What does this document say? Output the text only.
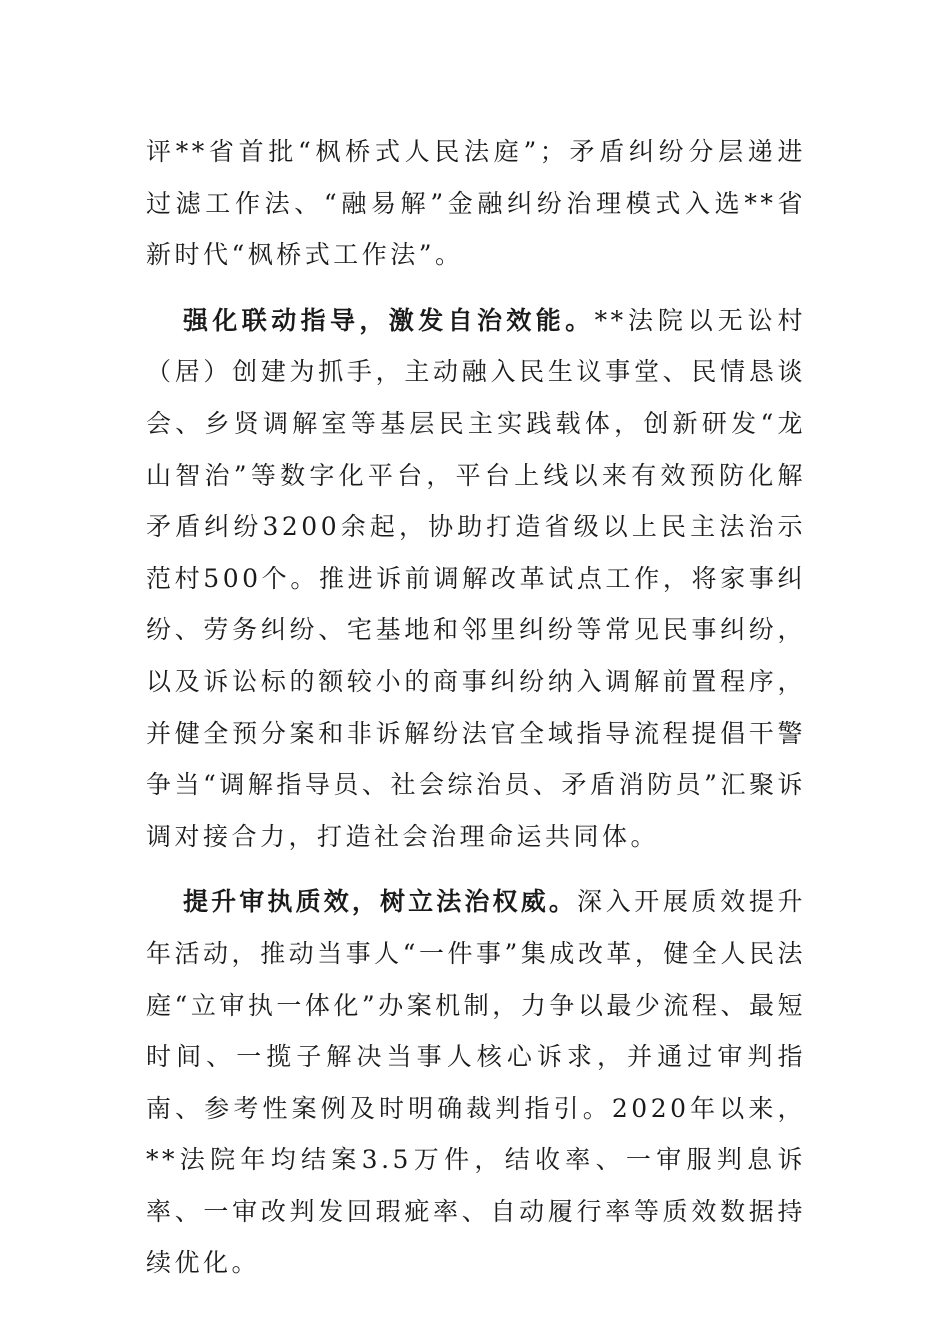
评**省首批“枫桥式人民法庭”；矛盾纠纷分层递进过滤工作法、“融易解”金融纠纷治理模式入选**省新时代“枫桥式工作法”。

强化联动指导，激发自治效能。**法院以无讼村（居）创建为抓手，主动融入民生议事堂、民情恳谈会、乡贤调解室等基层民主实践载体，创新研发“龙山智治”等数字化平台，平台上线以来有效预防化解矛盾纠纷3200余起，协助打造省级以上民主法治示范村500个。推进诉前调解改革试点工作，将家事纠纷、劳务纠纷、宅基地和邻里纠纷等常见民事纠纷，以及诉讼标的额较小的商事纠纷纳入调解前置程序，并健全预分案和非诉解纷法官全域指导流程提倡干警争当“调解指导员、社会综治员、矛盾消防员”汇聚诉调对接合力，打造社会治理命运共同体。

提升审执质效，树立法治权威。深入开展质效提升年活动，推动当事人“一件事”集成改革，健全人民法庭“立审执一体化”办案机制，力争以最少流程、最短时间、一揽子解决当事人核心诉求，并通过审判指南、参考性案例及时明确裁判指引。2020年以来，**法院年均结案3.5万件，结收率、一审服判息诉率、一审改判发回瑕疵率、自动履行率等质效数据持续优化。
